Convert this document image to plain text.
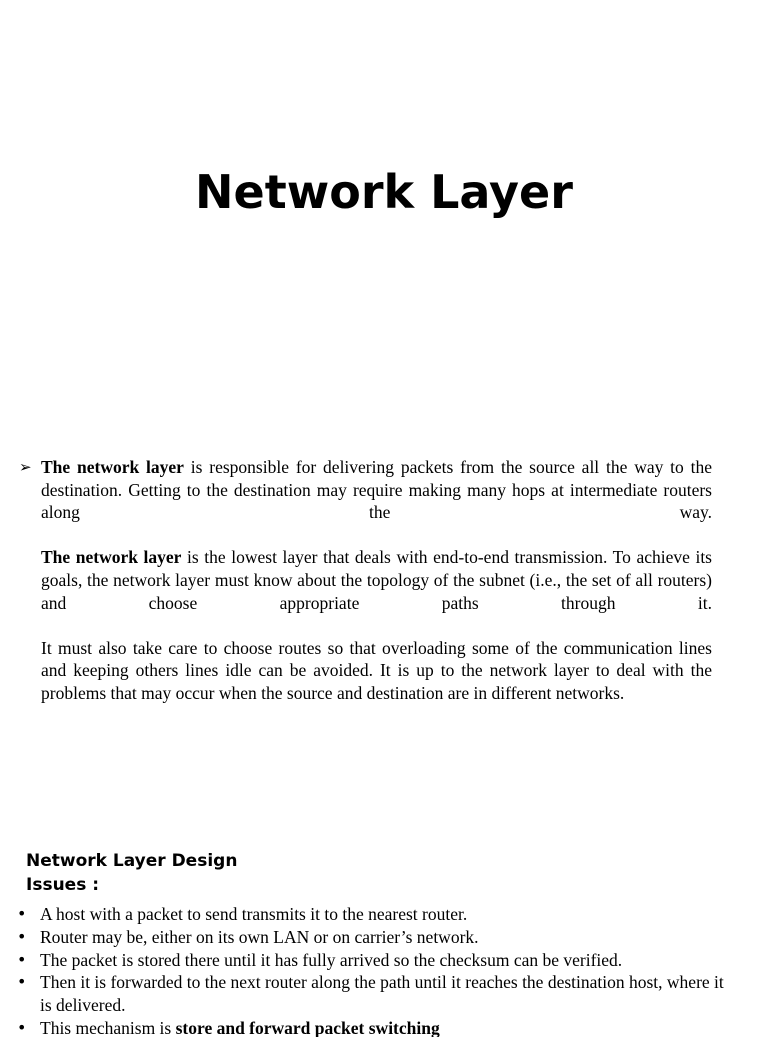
Network Layer
➢ The network layer is responsible for delivering packets from the source all the way to the destination. Getting to the destination may require making many hops at intermediate routers along the way.

The network layer is the lowest layer that deals with end-to-end transmission. To achieve its goals, the network layer must know about the topology of the subnet (i.e., the set of all routers) and choose appropriate paths through it.

It must also take care to choose routes so that overloading some of the communication lines and keeping others lines idle can be avoided. It is up to the network layer to deal with the problems that may occur when the source and destination are in different networks.

Network Layer Design
Issues :
• A host with a packet to send transmits it to the nearest router.
• Router may be, either on its own LAN or on carrier’s network.
• The packet is stored there until it has fully arrived so the checksum can be verified.
• Then it is forwarded to the next router along the path until it reaches the destination host, where it is delivered.
• This mechanism is store and forward packet switching
